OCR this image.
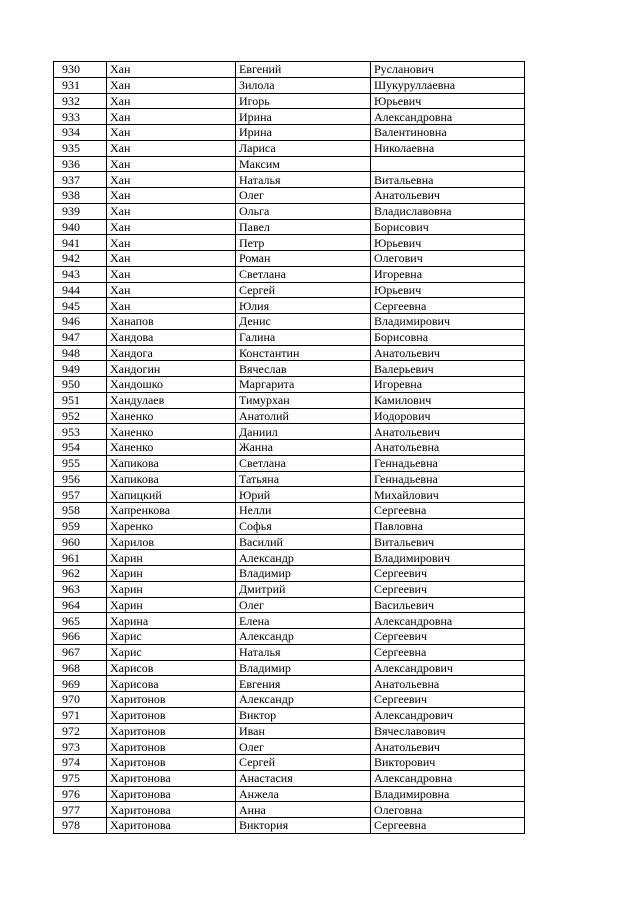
930	Хан	Евгений	Русланович
931	Хан	Зилола	Шукуруллаевна
932	Хан	Игорь	Юрьевич
933	Хан	Ирина	Александровна
934	Хан	Ирина	Валентиновна
935	Хан	Лариса	Николаевна
936	Хан	Максим	
937	Хан	Наталья	Витальевна
938	Хан	Олег	Анатольевич
939	Хан	Ольга	Владиславовна
940	Хан	Павел	Борисович
941	Хан	Петр	Юрьевич
942	Хан	Роман	Олегович
943	Хан	Светлана	Игоревна
944	Хан	Сергей	Юрьевич
945	Хан	Юлия	Сергеевна
946	Ханапов	Денис	Владимирович
947	Хандова	Галина	Борисовна
948	Хандога	Константин	Анатольевич
949	Хандогин	Вячеслав	Валерьевич
950	Хандошко	Маргарита	Игоревна
951	Хандулаев	Тимурхан	Камилович
952	Ханенко	Анатолий	Иодорович
953	Ханенко	Даниил	Анатольевич
954	Ханенко	Жанна	Анатольевна
955	Хапикова	Светлана	Геннадьевна
956	Хапикова	Татьяна	Геннадьевна
957	Хапицкий	Юрий	Михайлович
958	Хапренкова	Нелли	Сергеевна
959	Харенко	Софья	Павловна
960	Харилов	Василий	Витальевич
961	Харин	Александр	Владимирович
962	Харин	Владимир	Сергеевич
963	Харин	Дмитрий	Сергеевич
964	Харин	Олег	Васильевич
965	Харина	Елена	Александровна
966	Харис	Александр	Сергеевич
967	Харис	Наталья	Сергеевна
968	Харисов	Владимир	Александрович
969	Харисова	Евгения	Анатольевна
970	Харитонов	Александр	Сергеевич
971	Харитонов	Виктор	Александрович
972	Харитонов	Иван	Вячеславович
973	Харитонов	Олег	Анатольевич
974	Харитонов	Сергей	Викторович
975	Харитонова	Анастасия	Александровна
976	Харитонова	Анжела	Владимировна
977	Харитонова	Анна	Олеговна
978	Харитонова	Виктория	Сергеевна
